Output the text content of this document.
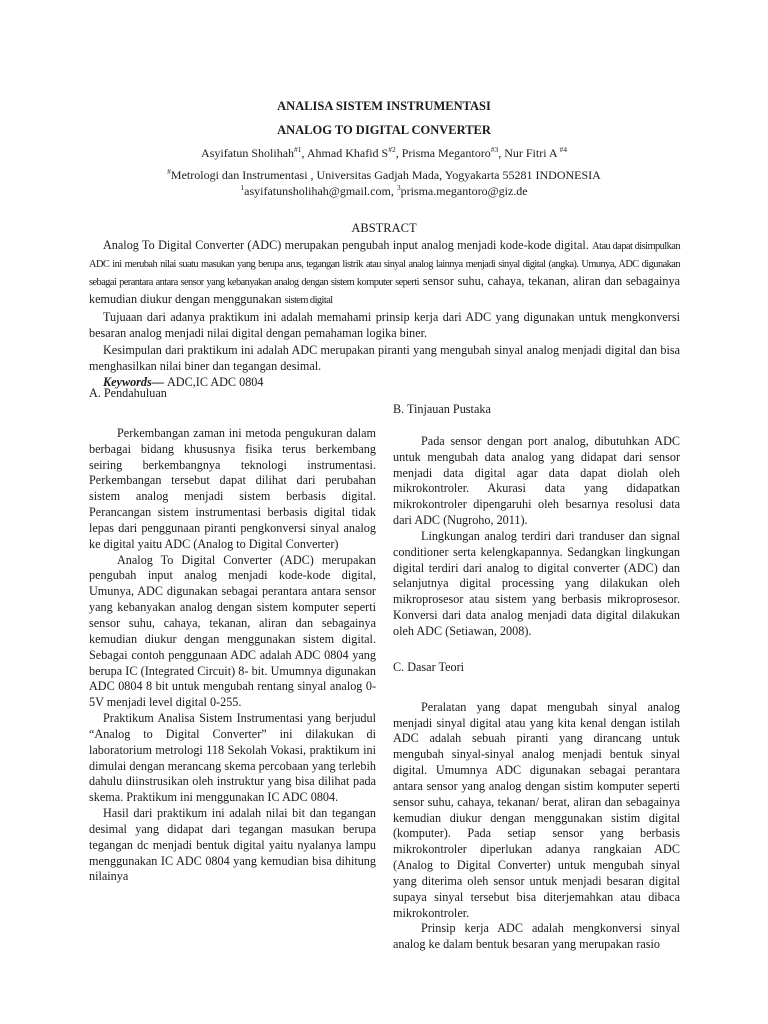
ANALISA SISTEM INSTRUMENTASI
ANALOG TO DIGITAL CONVERTER
Asyifatun Sholihah$^{\#1}$, Ahmad Khafid $S^{\#2}$, Prisma Megantoro$^{\#3}$, Nur Fitri A $^{\#4}$
#Metrologi dan Instrumentasi , Universitas Gadjah Mada, Yogyakarta 55281 INDONESIA
$^1$asyifatunsholihah@gmail.com, $^3$prisma.megantoro@giz.de
ABSTRACT

Analog To Digital Converter (ADC) merupakan pengubah input analog menjadi kode-kode digital. Atau dapat disimpulkan ADC ini merubah nilai suatu masukan yang berupa arus, tegangan listrik atau sinyal analog lainnya menjadi sinyal digital (angka). Umunya, ADC digunakan sebagai perantara antara sensor yang kebanyakan analog dengan sistem komputer seperti sensor suhu, cahaya, tekanan, aliran dan sebagainya kemudian diukur dengan menggunakan sistem digital

Tujuaan dari adanya praktikum ini adalah memahami prinsip kerja dari ADC yang digunakan untuk mengkonversi besaran analog menjadi nilai digital dengan pemahaman logika biner.

Kesimpulan dari praktikum ini adalah ADC merupakan piranti yang mengubah sinyal analog menjadi digital dan bisa menghasilkan nilai biner dan tegangan desimal.

Keywords— ADC,IC ADC 0804

A. Pendahuluan

Perkembangan zaman ini metoda pengukuran dalam berbagai bidang khususnya fisika terus berkembang seiring berkembangnya teknologi instrumentasi. Perkembangan tersebut dapat dilihat dari perubahan sistem analog menjadi sistem berbasis digital. Perancangan sistem instrumentasi berbasis digital tidak lepas dari penggunaan piranti pengkonversi sinyal analog ke digital yaitu ADC (Analog to Digital Converter)

Analog To Digital Converter (ADC) merupakan pengubah input analog menjadi kode-kode digital, Umunya, ADC digunakan sebagai perantara antara sensor yang kebanyakan analog dengan sistem komputer seperti sensor suhu, cahaya, tekanan, aliran dan sebagainya kemudian diukur dengan menggunakan sistem digital. Sebagai contoh penggunaan ADC adalah ADC 0804 yang berupa IC (Integrated Circuit) 8- bit. Umumnya digunakan ADC 0804 8 bit untuk mengubah rentang sinyal analog 0-5V menjadi level digital 0-255.

Praktikum Analisa Sistem Instrumentasi yang berjudul “Analog to Digital Converter” ini dilakukan di laboratorium metrologi 118 Sekolah Vokasi, praktikum ini dimulai dengan merancang skema percobaan yang terlebih dahulu diinstrusikan oleh instruktur yang bisa dilihat pada skema. Praktikum ini menggunakan IC ADC 0804.

Hasil dari praktikum ini adalah nilai bit dan tegangan desimal yang didapat dari tegangan masukan berupa tegangan dc menjadi bentuk digital yaitu nyalanya lampu menggunakan IC ADC 0804 yang kemudian bisa dihitung nilainya

B. Tinjauan Pustaka

Pada sensor dengan port analog, dibutuhkan ADC untuk mengubah data analog yang didapat dari sensor menjadi data digital agar data dapat diolah oleh mikrokontroler. Akurasi data yang didapatkan mikrokontroler dipengaruhi oleh besarnya resolusi data dari ADC (Nugroho, 2011).

Lingkungan analog terdiri dari tranduser dan signal conditioner serta kelengkapannya. Sedangkan lingkungan digital terdiri dari analog to digital converter (ADC) dan selanjutnya digital processing yang dilakukan oleh mikroprosesor atau sistem yang berbasis mikroprosesor. Konversi dari data analog menjadi data digital dilakukan oleh ADC (Setiawan, 2008).

C. Dasar Teori

Peralatan yang dapat mengubah sinyal analog menjadi sinyal digital atau yang kita kenal dengan istilah ADC adalah sebuah piranti yang dirancang untuk mengubah sinyal-sinyal analog menjadi bentuk sinyal digital. Umumnya ADC digunakan sebagai perantara antara sensor yang analog dengan sistim komputer seperti sensor suhu, cahaya, tekanan/ berat, aliran dan sebagainya kemudian diukur dengan menggunakan sistim digital (komputer). Pada setiap sensor yang berbasis mikrokontroler diperlukan adanya rangkaian ADC (Analog to Digital Converter) untuk mengubah sinyal yang diterima oleh sensor untuk menjadi besaran digital supaya sinyal tersebut bisa diterjemahkan atau dibaca mikrokontroler.

Prinsip kerja ADC adalah mengkonversi sinyal analog ke dalam bentuk besaran yang merupakan rasio
